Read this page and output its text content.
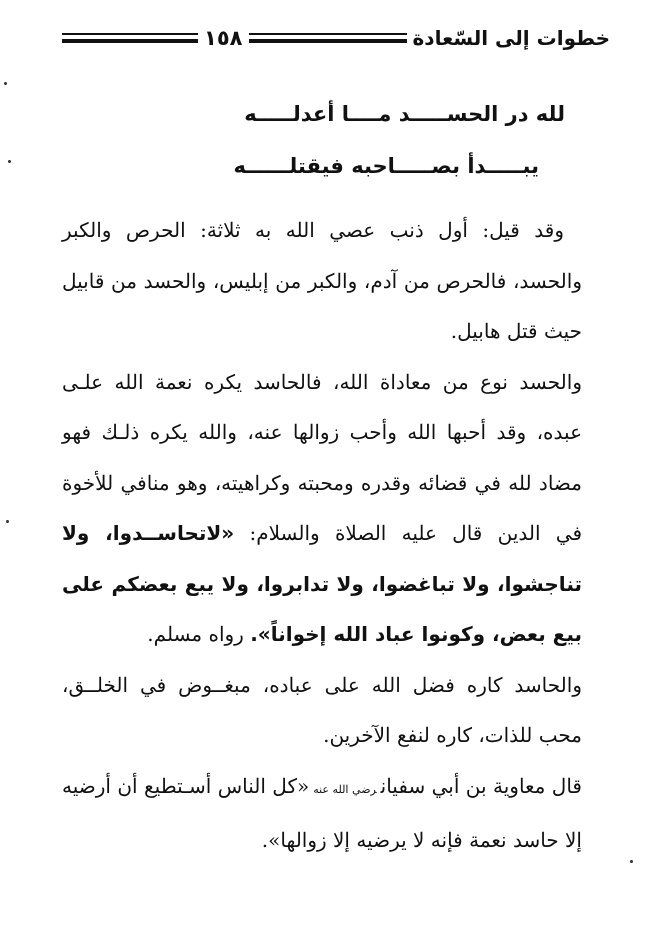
خطوات إلى السّعادة
١٥٨
لله در الحســـــد مــــا أعدلـــــه
يبـــــدأ بصـــــاحبه فيقتلــــــه

وقد قيل: أول ذنب عصي الله به ثلاثة: الحرص والكبر والحسد، فالحرص من آدم، والكبر من إبليس، والحسد من قابيل حيث قتل هابيل.

والحسد نوع من معاداة الله، فالحاسد يكره نعمة الله علـى عبده، وقد أحبها الله وأحب زوالها عنه، والله يكره ذلـك فهو مضاد لله في قضائه وقدره ومحبته وكراهيته، وهو منافي للأخوة في الدين قال عليه الصلاة والسلام: «لاتحاســدوا، ولا تناجشوا، ولا تباغضوا، ولا تدابروا، ولا يبع بعضكم على بيع بعض، وكونوا عباد الله إخواناً». رواه مسلم.

والحاسد كاره فضل الله على عباده، مبغــوض في الخلــق، محب للذات، كاره لنفع الآخرين.

قال معاوية بن أبي سفيانرضي الله عنه«كل الناس أسـتطيع أن أرضيه إلا حاسد نعمة فإنه لا يرضيه إلا زوالها».
